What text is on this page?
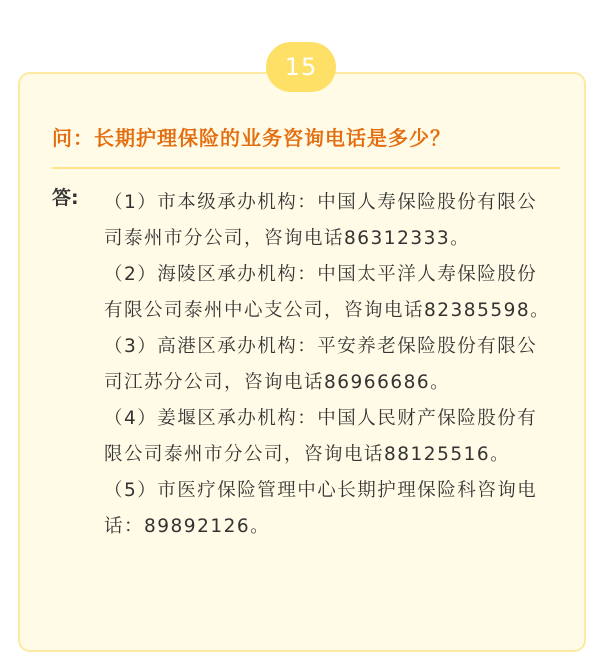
15
问：长期护理保险的业务咨询电话是多少？
答: （1）市本级承办机构：中国人寿保险股份有限公司泰州市分公司，咨询电话86312333。

（2）海陵区承办机构：中国太平洋人寿保险股份有限公司泰州中心支公司，咨询电话82385598。

（3）高港区承办机构：平安养老保险股份有限公司江苏分公司，咨询电话86966686。

（4）姜堰区承办机构：中国人民财产保险股份有限公司泰州市分公司，咨询电话88125516。

（5）市医疗保险管理中心长期护理保险科咨询电话：89892126。
